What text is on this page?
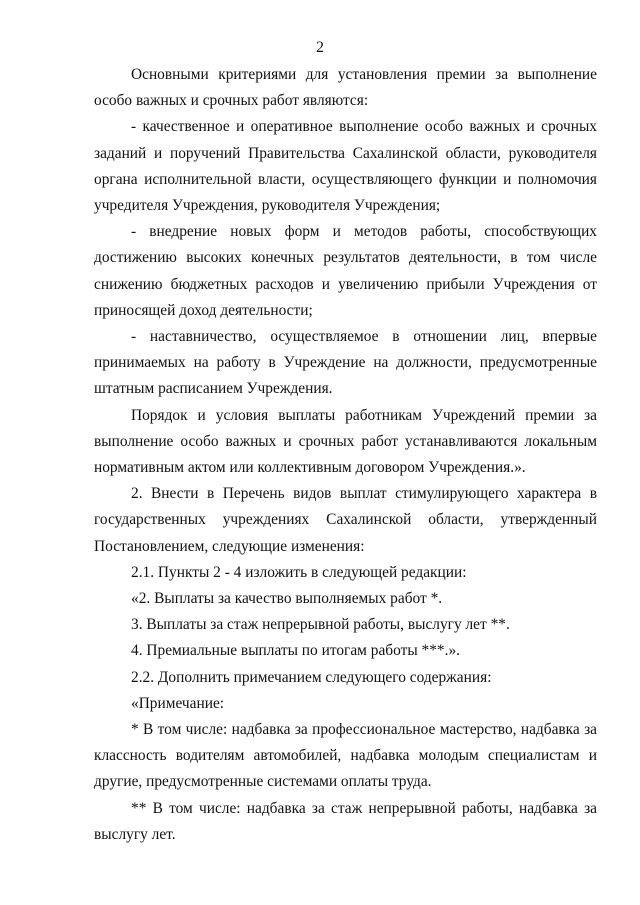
2

Основными критериями для установления премии за выполнение особо важных и срочных работ являются:

- качественное и оперативное выполнение особо важных и срочных заданий и поручений Правительства Сахалинской области, руководителя органа исполнительной власти, осуществляющего функции и полномочия учредителя Учреждения, руководителя Учреждения;

- внедрение новых форм и методов работы, способствующих достижению высоких конечных результатов деятельности, в том числе снижению бюджетных расходов и увеличению прибыли Учреждения от приносящей доход деятельности;

- наставничество, осуществляемое в отношении лиц, впервые принимаемых на работу в Учреждение на должности, предусмотренные штатным расписанием Учреждения.

Порядок и условия выплаты работникам Учреждений премии за выполнение особо важных и срочных работ устанавливаются локальным нормативным актом или коллективным договором Учреждения.».

2. Внести в Перечень видов выплат стимулирующего характера в государственных учреждениях Сахалинской области, утвержденный Постановлением, следующие изменения:

2.1. Пункты 2 - 4 изложить в следующей редакции:

«2. Выплаты за качество выполняемых работ *.

3. Выплаты за стаж непрерывной работы, выслугу лет **.

4. Премиальные выплаты по итогам работы ***.».

2.2. Дополнить примечанием следующего содержания:

«Примечание:

* В том числе: надбавка за профессиональное мастерство, надбавка за классность водителям автомобилей, надбавка молодым специалистам и другие, предусмотренные системами оплаты труда.

** В том числе: надбавка за стаж непрерывной работы, надбавка за выслугу лет.
